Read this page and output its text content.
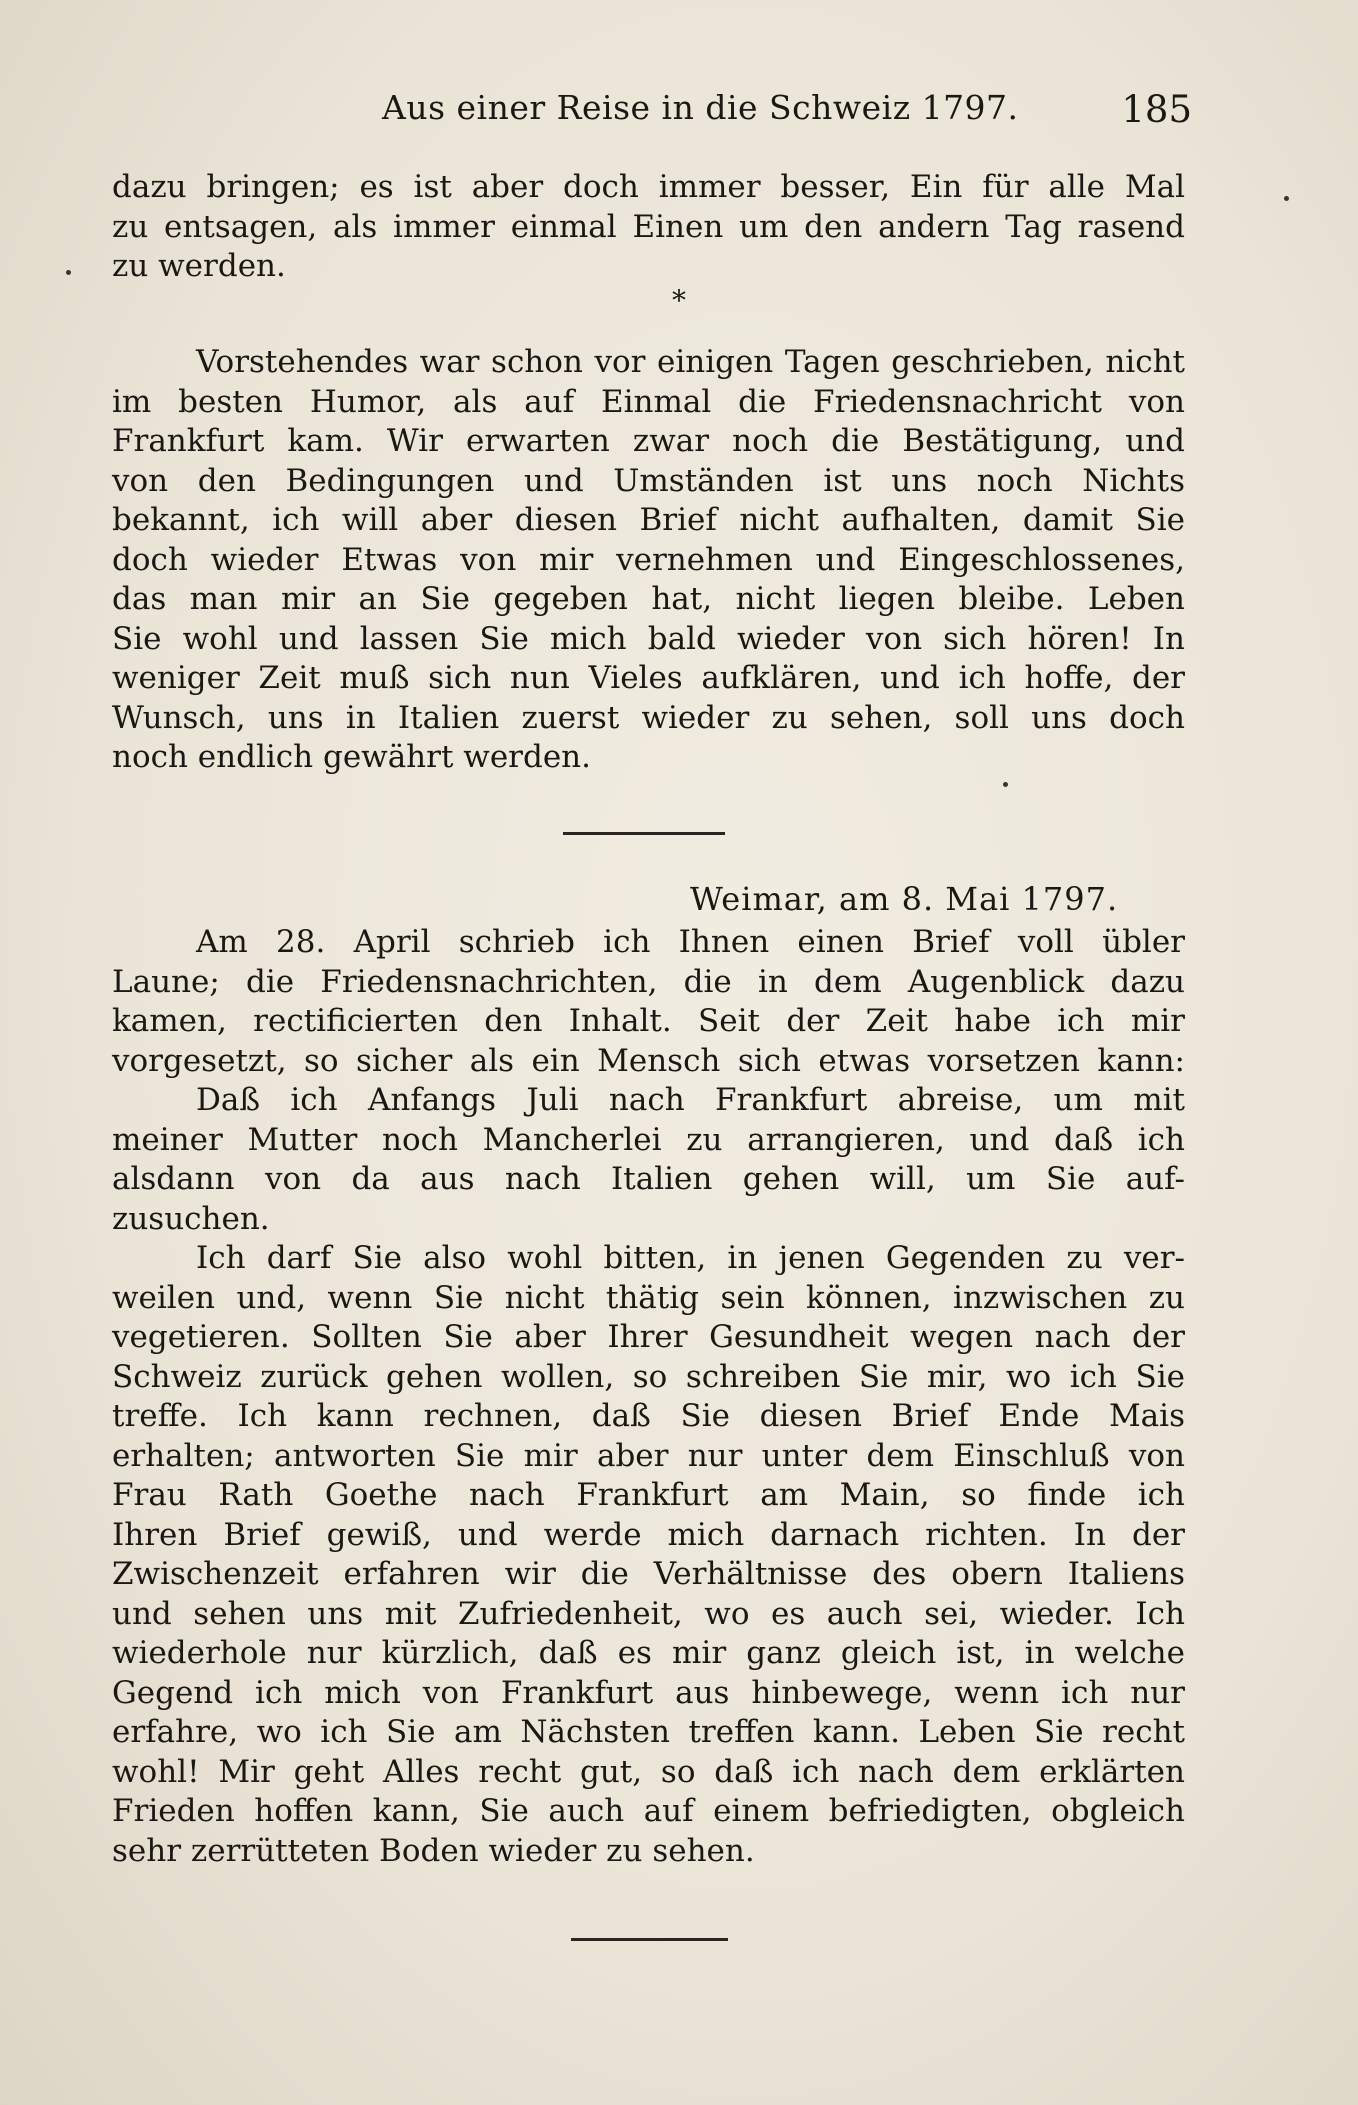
Aus einer Reise in die Schweiz 1797.	185
dazu bringen; es ist aber doch immer besser, Ein für alle Mal
zu entsagen, als immer einmal Einen um den andern Tag rasend
zu werden.
*
Vorstehendes war schon vor einigen Tagen geschrieben, nicht
im besten Humor, als auf Einmal die Friedensnachricht von
Frankfurt kam. Wir erwarten zwar noch die Bestätigung, und
von den Bedingungen und Umständen ist uns noch Nichts
bekannt, ich will aber diesen Brief nicht aufhalten, damit Sie
doch wieder Etwas von mir vernehmen und Eingeschlossenes,
das man mir an Sie gegeben hat, nicht liegen bleibe. Leben
Sie wohl und lassen Sie mich bald wieder von sich hören! In
weniger Zeit muß sich nun Vieles aufklären, und ich hoffe, der
Wunsch, uns in Italien zuerst wieder zu sehen, soll uns doch
noch endlich gewährt werden.
Weimar, am 8. Mai 1797.
Am 28. April schrieb ich Ihnen einen Brief voll übler
Laune; die Friedensnachrichten, die in dem Augenblick dazu
kamen, rectificierten den Inhalt. Seit der Zeit habe ich mir
vorgesetzt, so sicher als ein Mensch sich etwas vorsetzen kann:
Daß ich Anfangs Juli nach Frankfurt abreise, um mit
meiner Mutter noch Mancherlei zu arrangieren, und daß ich
alsdann von da aus nach Italien gehen will, um Sie auf-
zusuchen.
Ich darf Sie also wohl bitten, in jenen Gegenden zu ver-
weilen und, wenn Sie nicht thätig sein können, inzwischen zu
vegetieren. Sollten Sie aber Ihrer Gesundheit wegen nach der
Schweiz zurück gehen wollen, so schreiben Sie mir, wo ich Sie
treffe. Ich kann rechnen, daß Sie diesen Brief Ende Mais
erhalten; antworten Sie mir aber nur unter dem Einschluß von
Frau Rath Goethe nach Frankfurt am Main, so finde ich
Ihren Brief gewiß, und werde mich darnach richten. In der
Zwischenzeit erfahren wir die Verhältnisse des obern Italiens
und sehen uns mit Zufriedenheit, wo es auch sei, wieder. Ich
wiederhole nur kürzlich, daß es mir ganz gleich ist, in welche
Gegend ich mich von Frankfurt aus hinbewege, wenn ich nur
erfahre, wo ich Sie am Nächsten treffen kann. Leben Sie recht
wohl! Mir geht Alles recht gut, so daß ich nach dem erklärten
Frieden hoffen kann, Sie auch auf einem befriedigten, obgleich
sehr zerrütteten Boden wieder zu sehen.
